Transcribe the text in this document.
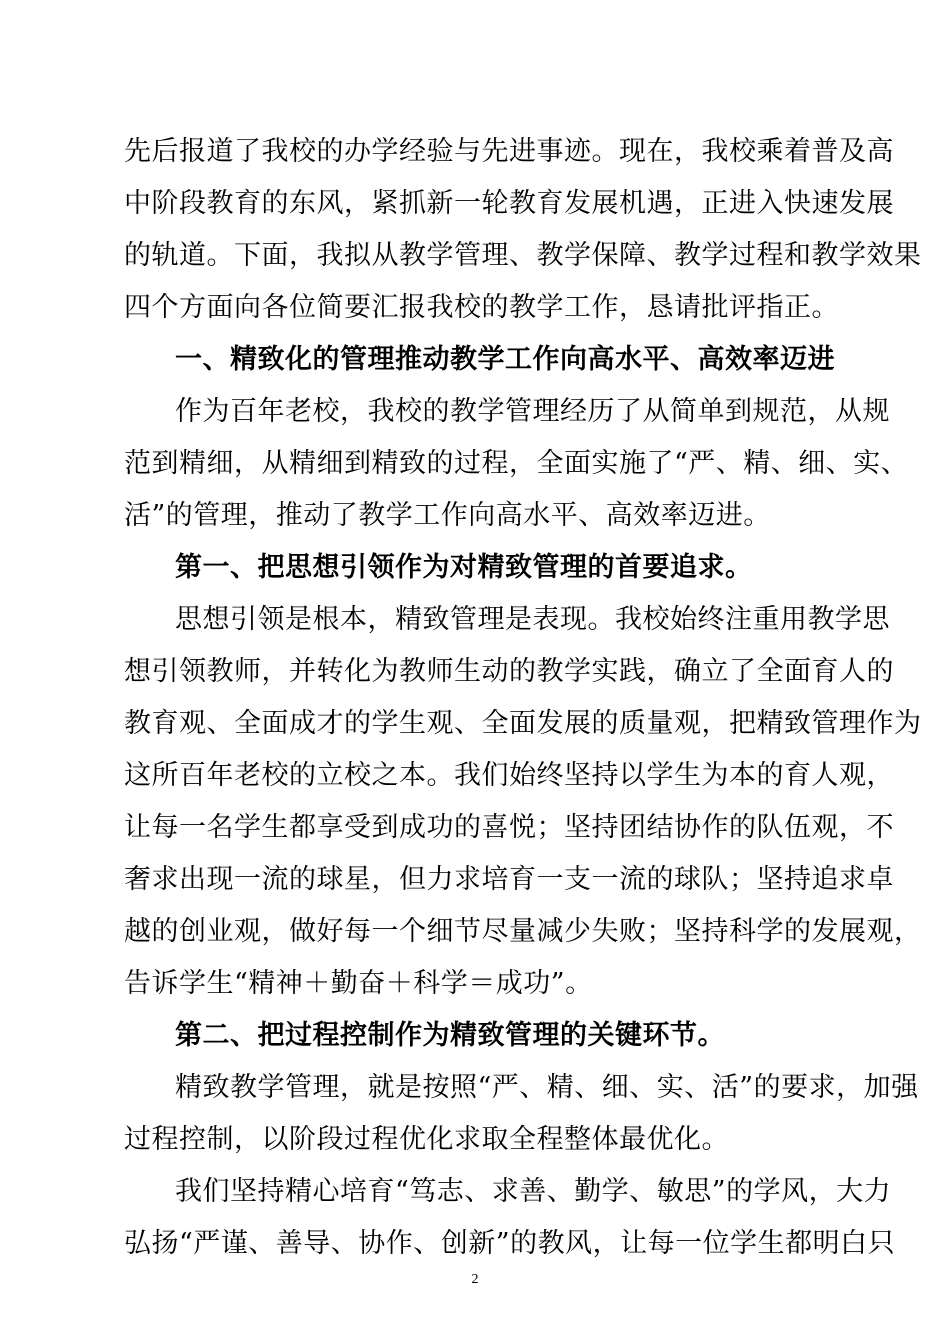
先后报道了我校的办学经验与先进事迹。现在，我校乘着普及高
中阶段教育的东风，紧抓新一轮教育发展机遇，正进入快速发展
的轨道。下面，我拟从教学管理、教学保障、教学过程和教学效果
四个方面向各位简要汇报我校的教学工作，恳请批评指正。
一、精致化的管理推动教学工作向高水平、高效率迈进
作为百年老校，我校的教学管理经历了从简单到规范，从规
范到精细，从精细到精致的过程，全面实施了“严、精、细、实、
活”的管理，推动了教学工作向高水平、高效率迈进。
第一、把思想引领作为对精致管理的首要追求。
思想引领是根本，精致管理是表现。我校始终注重用教学思
想引领教师，并转化为教师生动的教学实践，确立了全面育人的
教育观、全面成才的学生观、全面发展的质量观，把精致管理作为
这所百年老校的立校之本。我们始终坚持以学生为本的育人观，
让每一名学生都享受到成功的喜悦；坚持团结协作的队伍观，不
奢求出现一流的球星，但力求培育一支一流的球队；坚持追求卓
越的创业观，做好每一个细节尽量减少失败；坚持科学的发展观，
告诉学生“精神＋勤奋＋科学＝成功”。
第二、把过程控制作为精致管理的关键环节。
精致教学管理，就是按照“严、精、细、实、活”的要求，加强
过程控制，以阶段过程优化求取全程整体最优化。
我们坚持精心培育“笃志、求善、勤学、敏思”的学风，大力
弘扬“严谨、善导、协作、创新”的教风，让每一位学生都明白只
2
